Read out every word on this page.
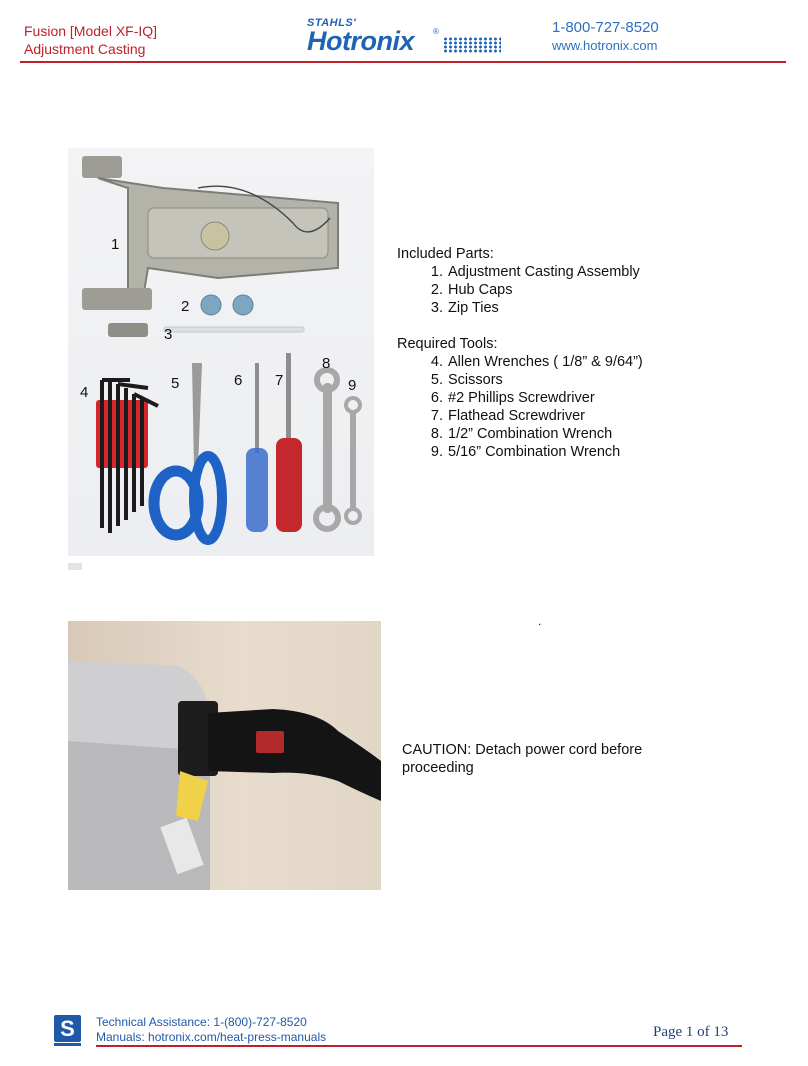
Fusion [Model XF-IQ]
Adjustment Casting
STAHLS'
Hotronix ®	1-800-727-8520
www.hotronix.com
1
2
3
4
5	6 7
8
9

Included Parts:

1. Adjustment Casting Assembly
2. Hub Caps
3. Zip Ties

Required Tools:

4. Allen Wrenches ( 1/8” & 9/64”)
5. Scissors
6. #2 Phillips Screwdriver
7. Flathead Screwdriver
8. 1/2” Combination Wrench
9. 5/16” Combination Wrench
.
CAUTION: Detach power cord before proceeding
S	Technical Assistance: 1-(800)-727-8520
Manuals: hotronix.com/heat-press-manuals	Page 1 of 13
